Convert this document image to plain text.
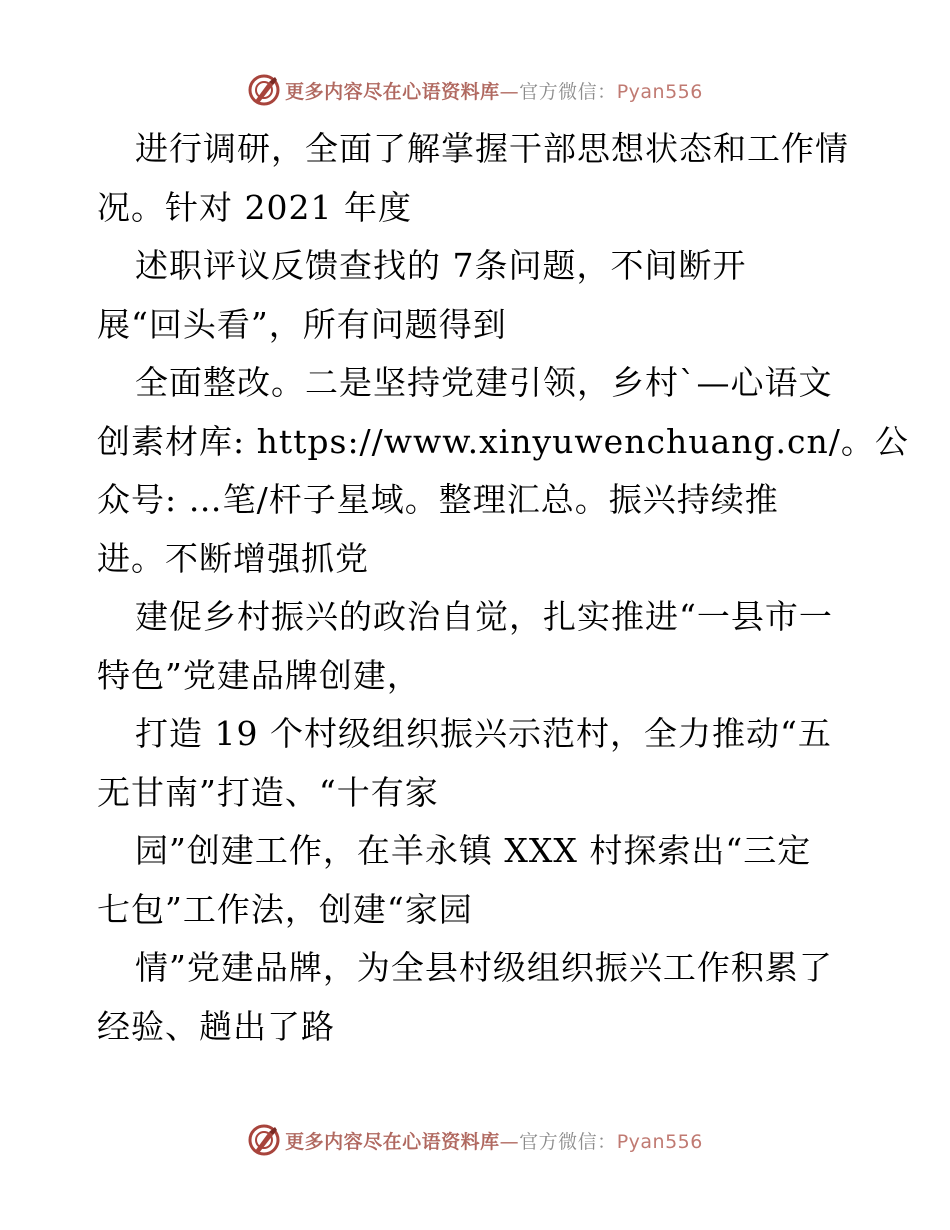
更多内容尽在心语资料库—官方微信：Pyan556
进行调研，全面了解掌握干部思想状态和工作情
况。针对 2021 年度
述职评议反馈查找的 7条问题，不间断开
展“回头看”，所有问题得到
全面整改。二是坚持党建引领，乡村`—心语文
创素材库: https://www.xinyuwenchuang.cn/。公
众号: …笔/杆子星域。整理汇总。振兴持续推
进。不断增强抓党
建促乡村振兴的政治自觉，扎实推进“一县市一
特色”党建品牌创建，
打造 19 个村级组织振兴示范村，全力推动“五
无甘南”打造、“十有家
园”创建工作，在羊永镇 XXX 村探索出“三定
七包”工作法，创建“家园
情”党建品牌，为全县村级组织振兴工作积累了
经验、趟出了路
更多内容尽在心语资料库—官方微信：Pyan556
